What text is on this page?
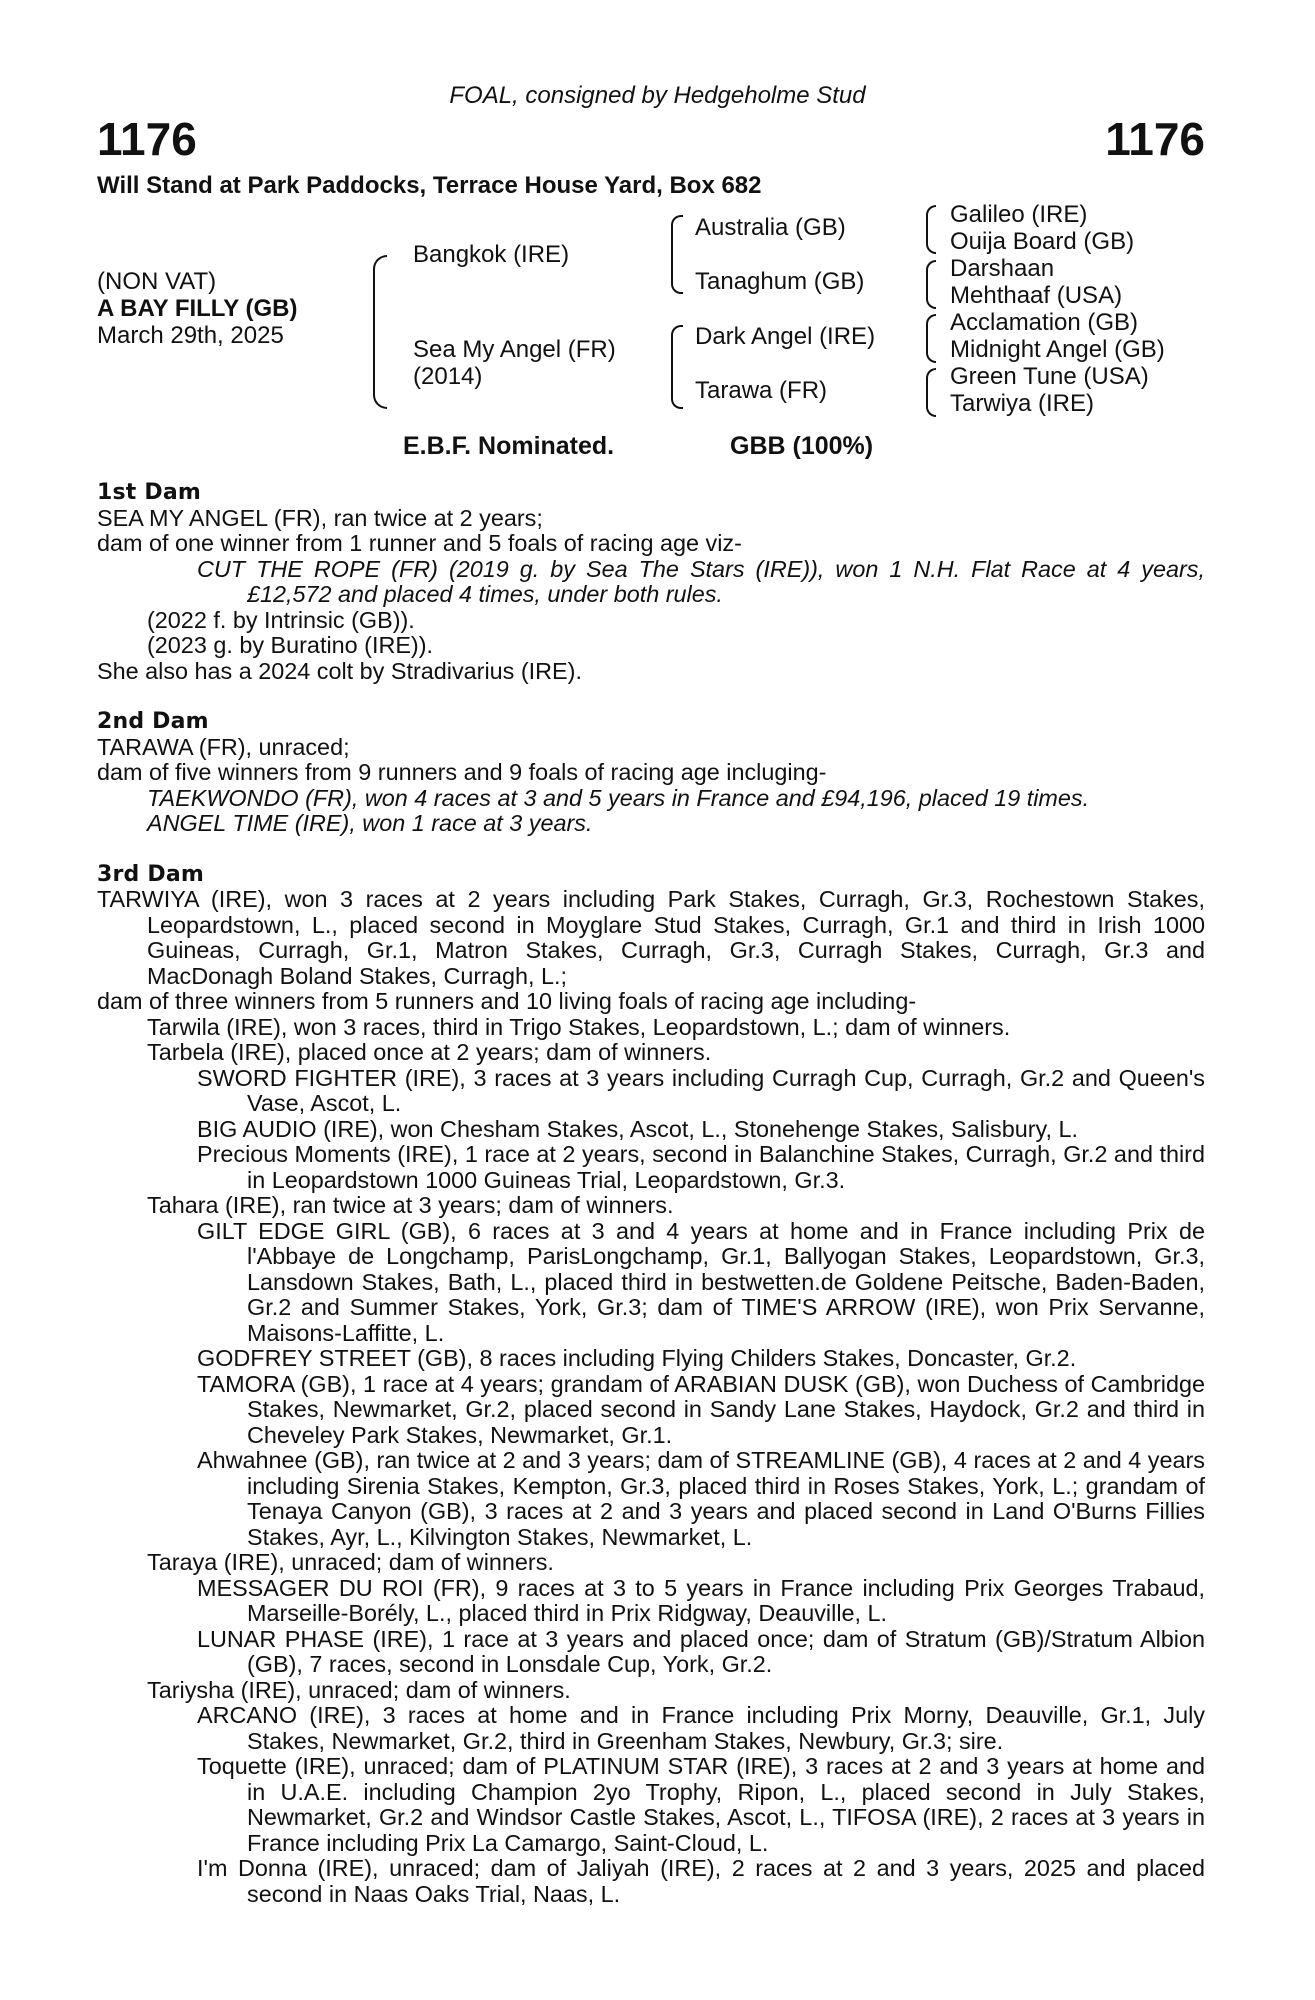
FOAL, consigned by Hedgeholme Stud
1176	1176
Will Stand at Park Paddocks, Terrace House Yard, Box 682
(NON VAT)
A BAY FILLY (GB)
March 29th, 2025
Bangkok (IRE)
Sea My Angel (FR)
(2014)
Australia (GB)
Tanaghum (GB)
Dark Angel (IRE)
Tarawa (FR)
Galileo (IRE)
Ouija Board (GB)
Darshaan
Mehthaaf (USA)
Acclamation (GB)
Midnight Angel (GB)
Green Tune (USA)
Tarwiya (IRE)
E.B.F. Nominated.	GBB (100%)

1st Dam

SEA MY ANGEL (FR), ran twice at 2 years;

dam of one winner from 1 runner and 5 foals of racing age viz-

CUT THE ROPE (FR) (2019 g. by Sea The Stars (IRE)), won 1 N.H. Flat Race at 4 years, £12,572 and placed 4 times, under both rules.

(2022 f. by Intrinsic (GB)).

(2023 g. by Buratino (IRE)).

She also has a 2024 colt by Stradivarius (IRE).

2nd Dam

TARAWA (FR), unraced;

dam of five winners from 9 runners and 9 foals of racing age incluging-

TAEKWONDO (FR), won 4 races at 3 and 5 years in France and £94,196, placed 19 times.

ANGEL TIME (IRE), won 1 race at 3 years.

3rd Dam

TARWIYA (IRE), won 3 races at 2 years including Park Stakes, Curragh, Gr.3, Rochestown Stakes, Leopardstown, L., placed second in Moyglare Stud Stakes, Curragh, Gr.1 and third in Irish 1000 Guineas, Curragh, Gr.1, Matron Stakes, Curragh, Gr.3, Curragh Stakes, Curragh, Gr.3 and MacDonagh Boland Stakes, Curragh, L.;

dam of three winners from 5 runners and 10 living foals of racing age including-

Tarwila (IRE), won 3 races, third in Trigo Stakes, Leopardstown, L.; dam of winners.

Tarbela (IRE), placed once at 2 years; dam of winners.

SWORD FIGHTER (IRE), 3 races at 3 years including Curragh Cup, Curragh, Gr.2 and Queen's Vase, Ascot, L.

BIG AUDIO (IRE), won Chesham Stakes, Ascot, L., Stonehenge Stakes, Salisbury, L.

Precious Moments (IRE), 1 race at 2 years, second in Balanchine Stakes, Curragh, Gr.2 and third in Leopardstown 1000 Guineas Trial, Leopardstown, Gr.3.

Tahara (IRE), ran twice at 3 years; dam of winners.

GILT EDGE GIRL (GB), 6 races at 3 and 4 years at home and in France including Prix de l'Abbaye de Longchamp, ParisLongchamp, Gr.1, Ballyogan Stakes, Leopardstown, Gr.3, Lansdown Stakes, Bath, L., placed third in bestwetten.de Goldene Peitsche, Baden-Baden, Gr.2 and Summer Stakes, York, Gr.3; dam of TIME'S ARROW (IRE), won Prix Servanne, Maisons-Laffitte, L.

GODFREY STREET (GB), 8 races including Flying Childers Stakes, Doncaster, Gr.2.

TAMORA (GB), 1 race at 4 years; grandam of ARABIAN DUSK (GB), won Duchess of Cambridge Stakes, Newmarket, Gr.2, placed second in Sandy Lane Stakes, Haydock, Gr.2 and third in Cheveley Park Stakes, Newmarket, Gr.1.

Ahwahnee (GB), ran twice at 2 and 3 years; dam of STREAMLINE (GB), 4 races at 2 and 4 years including Sirenia Stakes, Kempton, Gr.3, placed third in Roses Stakes, York, L.; grandam of Tenaya Canyon (GB), 3 races at 2 and 3 years and placed second in Land O'Burns Fillies Stakes, Ayr, L., Kilvington Stakes, Newmarket, L.

Taraya (IRE), unraced; dam of winners.

MESSAGER DU ROI (FR), 9 races at 3 to 5 years in France including Prix Georges Trabaud, Marseille-Borély, L., placed third in Prix Ridgway, Deauville, L.

LUNAR PHASE (IRE), 1 race at 3 years and placed once; dam of Stratum (GB)/Stratum Albion (GB), 7 races, second in Lonsdale Cup, York, Gr.2.

Tariysha (IRE), unraced; dam of winners.

ARCANO (IRE), 3 races at home and in France including Prix Morny, Deauville, Gr.1, July Stakes, Newmarket, Gr.2, third in Greenham Stakes, Newbury, Gr.3; sire.

Toquette (IRE), unraced; dam of PLATINUM STAR (IRE), 3 races at 2 and 3 years at home and in U.A.E. including Champion 2yo Trophy, Ripon, L., placed second in July Stakes, Newmarket, Gr.2 and Windsor Castle Stakes, Ascot, L., TIFOSA (IRE), 2 races at 3 years in France including Prix La Camargo, Saint-Cloud, L.

I'm Donna (IRE), unraced; dam of Jaliyah (IRE), 2 races at 2 and 3 years, 2025 and placed second in Naas Oaks Trial, Naas, L.
